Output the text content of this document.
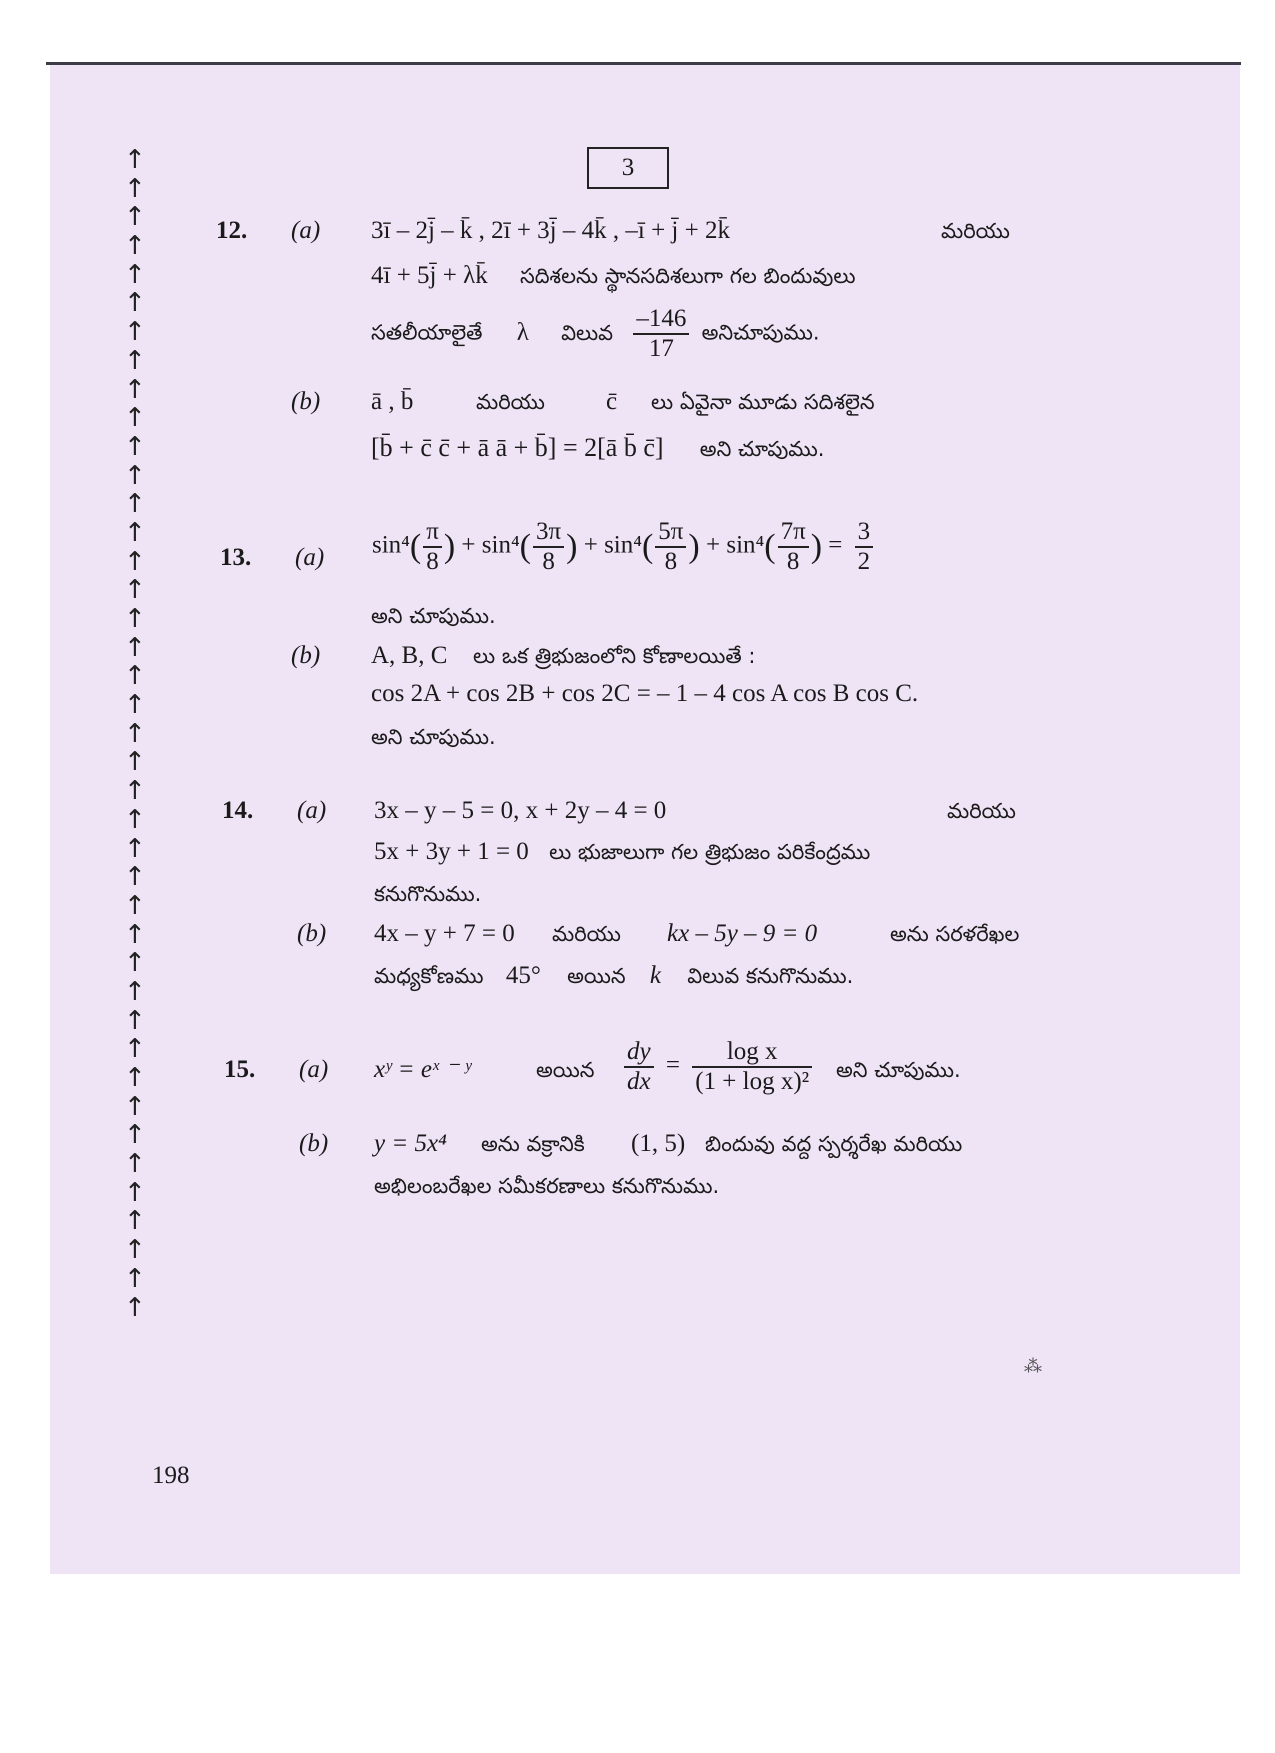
↑
↑
↑
↑
↑
↑
↑
↑
↑
↑
↑
↑
↑
↑
↑
↑
↑
↑
↑
↑
↑
↑
↑
↑
↑
↑
↑
↑
↑
↑
↑
↑
↑
↑
↑
↑
↑
↑
↑
↑
↑
3
12. (a) 3ī – 2j̄ – k̄ , 2ī + 3j̄ – 4k̄ , –ī + j̄ + 2k̄	మరియు
4ī + 5j̄ + λk̄ సదిశలను స్థానసదిశలుగా గల బిందువులు
సతలీయాలైతే λ విలువ $\frac{-146}{17}$ అనిచూపుము.
(b) ā , b̄	మరియు c̄ లు ఏవైనా మూడు సదిశలైన
[b̄ + c̄ c̄ + ā ā + b̄] = 2[ā b̄ c̄] అని చూపుము.
13. (a) $\sin^4( \frac{\pi}{8}$ ) + $\sin^4( \frac{3\pi}{8}$ ) + $\sin^4( \frac{5\pi}{8}$ ) + $\sin^4( \frac{7\pi}{8}$ ) = $\frac{3}{2}$
అని చూపుము.
(b) A, B, C లు ఒక త్రిభుజంలోని కోణాలయితే :
cos 2A + cos 2B + cos 2C = – 1 – 4 cos A cos B cos C.
అని చూపుము.
14. (a) 3x – y – 5 = 0, x + 2y – 4 = 0	మరియు
5x + 3y + 1 = 0 లు భుజాలుగా గల త్రిభుజం పరికేంద్రము
కనుగొనుము.
(b) 4x – y + 7 = 0 మరియు kx – 5y – 9 = 0	అను సరళరేఖల
మధ్యకోణము 45° అయిన k విలువ కనుగొనుము.
15. (a) xʸ = eˣ ⁻ ʸ	అయిన $\frac{dy}{dx} = \frac{\text{log x}}{\text{(1 + log x)²}}$ అని చూపుము.
(b) y = 5x⁴ అను వక్రానికి (1, 5) బిందువు వద్ద స్పర్శరేఖ మరియు
అభిలంబరేఖల సమీకరణాలు కనుగొనుము.
198
⁂
